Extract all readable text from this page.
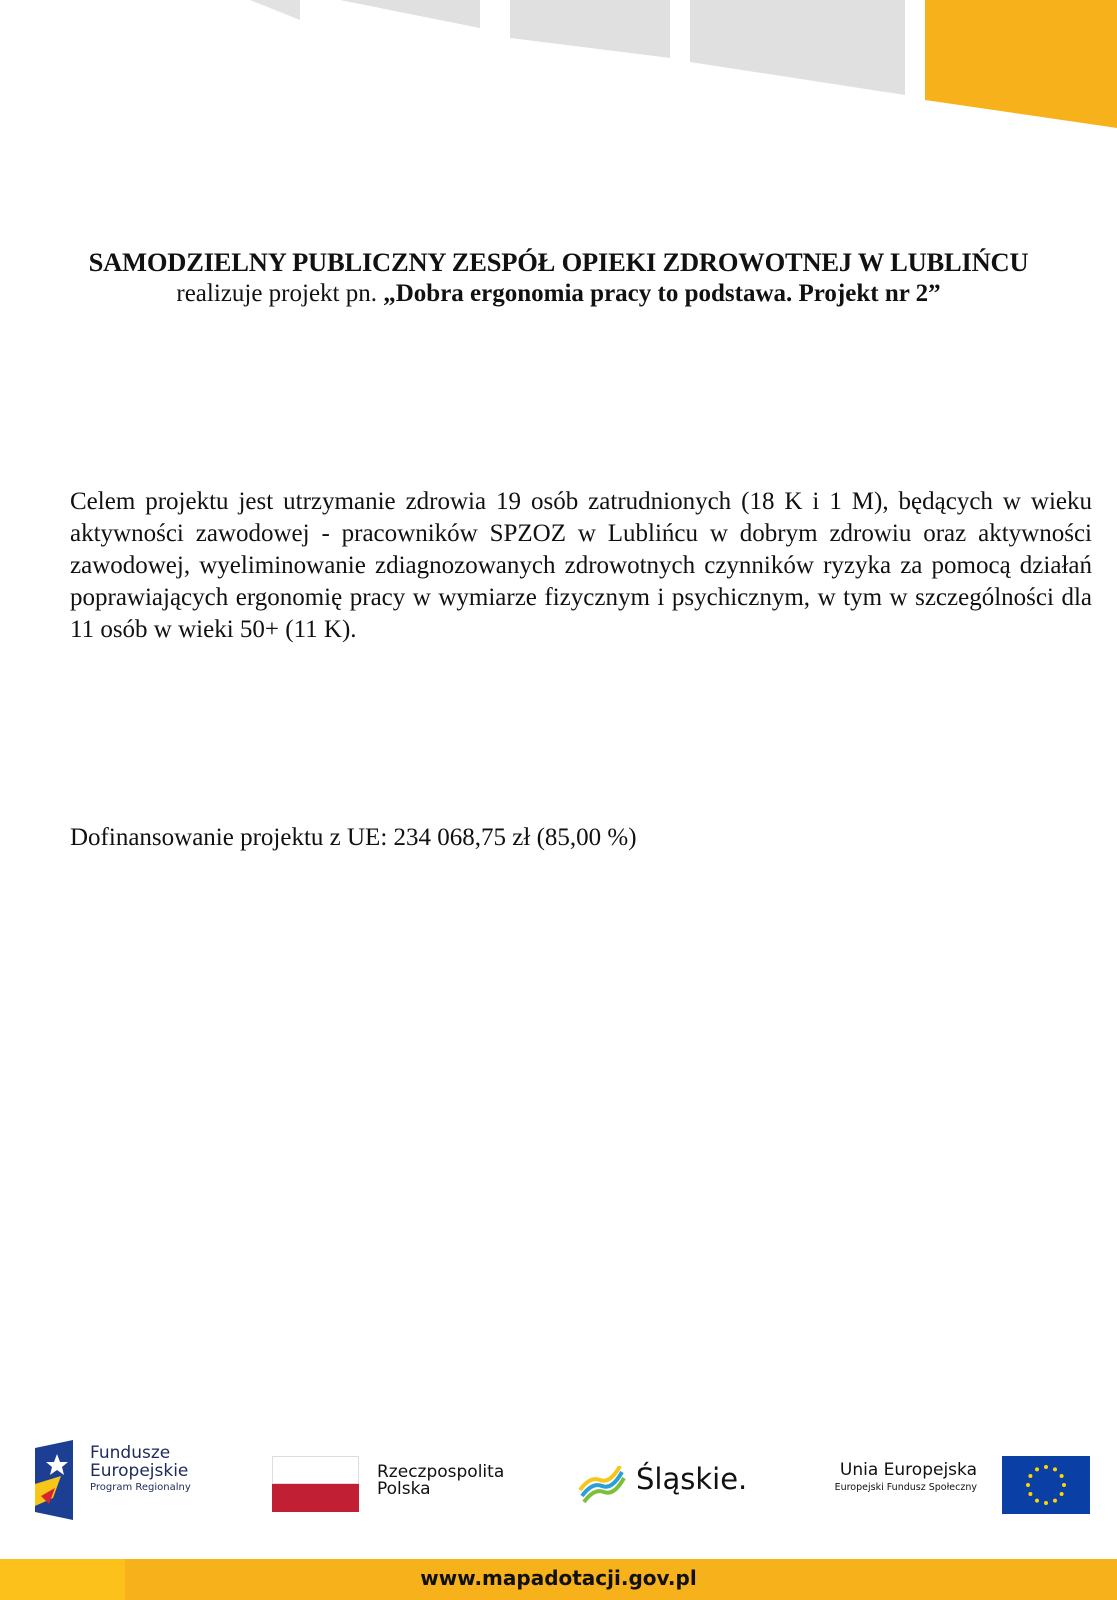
SAMODZIELNY PUBLICZNY ZESPÓŁ OPIEKI ZDROWOTNEJ W LUBLIŃCU
realizuje projekt pn. „Dobra ergonomia pracy to podstawa. Projekt nr 2”
Celem projektu jest utrzymanie zdrowia 19 osób zatrudnionych (18 K i 1 M), będących w wieku aktywności zawodowej - pracowników SPZOZ w Lublińcu w dobrym zdrowiu oraz aktywności zawodowej, wyeliminowanie zdiagnozowanych zdrowotnych czynników ryzyka za pomocą działań poprawiających ergonomię pracy w wymiarze fizycznym i psychicznym, w tym w szczególności dla 11 osób w wieki 50+ (11 K).
Dofinansowanie projektu z UE: 234 068,75 zł (85,00 %)
Fundusze
Europejskie
Program Regionalny
Rzeczpospolita
Polska	Śląskie.	Unia Europejska
Europejski Fundusz Społeczny
www.mapadotacji.gov.pl
